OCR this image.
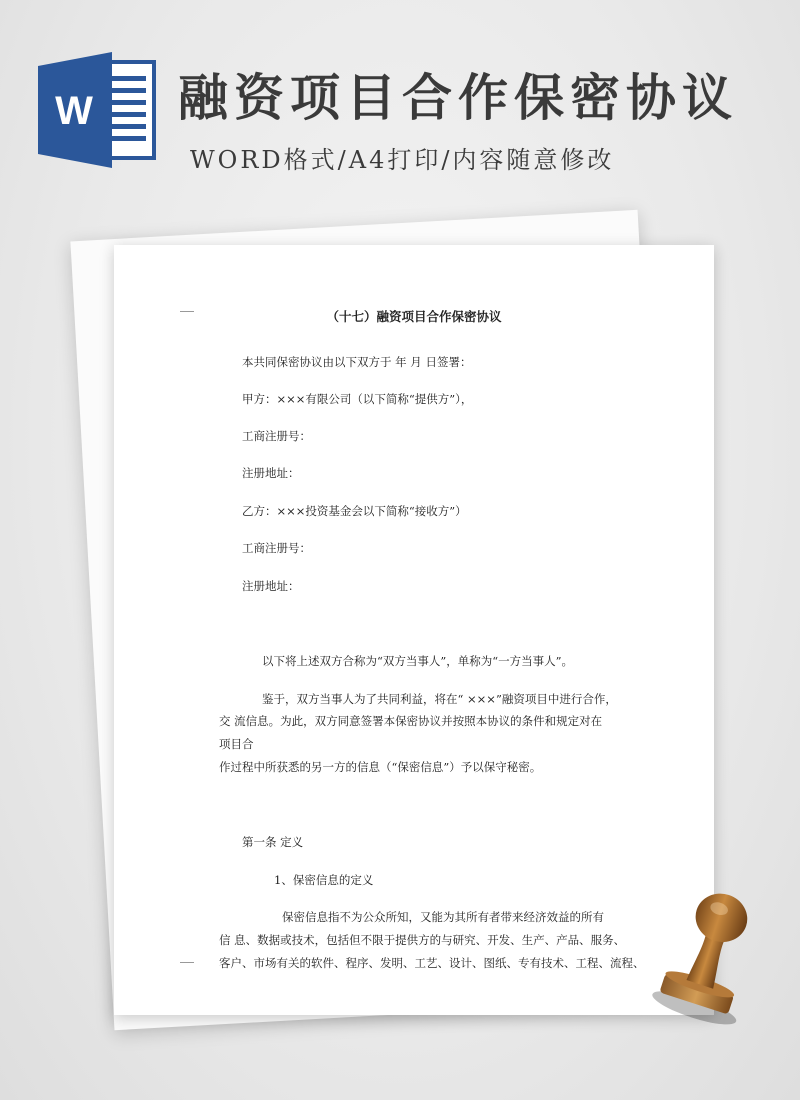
W 融资项目合作保密协议
WORD格式/A4打印/内容随意修改
（十七）融资项目合作保密协议
本共同保密协议由以下双方于 年 月 日签署：
甲方：×××有限公司（以下简称“提供方”），
工商注册号：
注册地址：
乙方：×××投资基金会以下简称“接收方”）
工商注册号：
注册地址：
以下将上述双方合称为“双方当事人”，单称为“一方当事人”。
鉴于，双方当事人为了共同利益，将在“ ×××”融资项目中进行合作，
交 流信息。为此，双方同意签署本保密协议并按照本协议的条件和规定对在
项目合
作过程中所获悉的另一方的信息（“保密信息”）予以保守秘密。
第一条 定义
1、保密信息的定义
保密信息指不为公众所知，又能为其所有者带来经济效益的所有
信 息、数据或技术，包括但不限于提供方的与研究、开发、生产、产品、服务、
客户、市场有关的软件、程序、发明、工艺、设计、图纸、专有技术、工程、流程、
